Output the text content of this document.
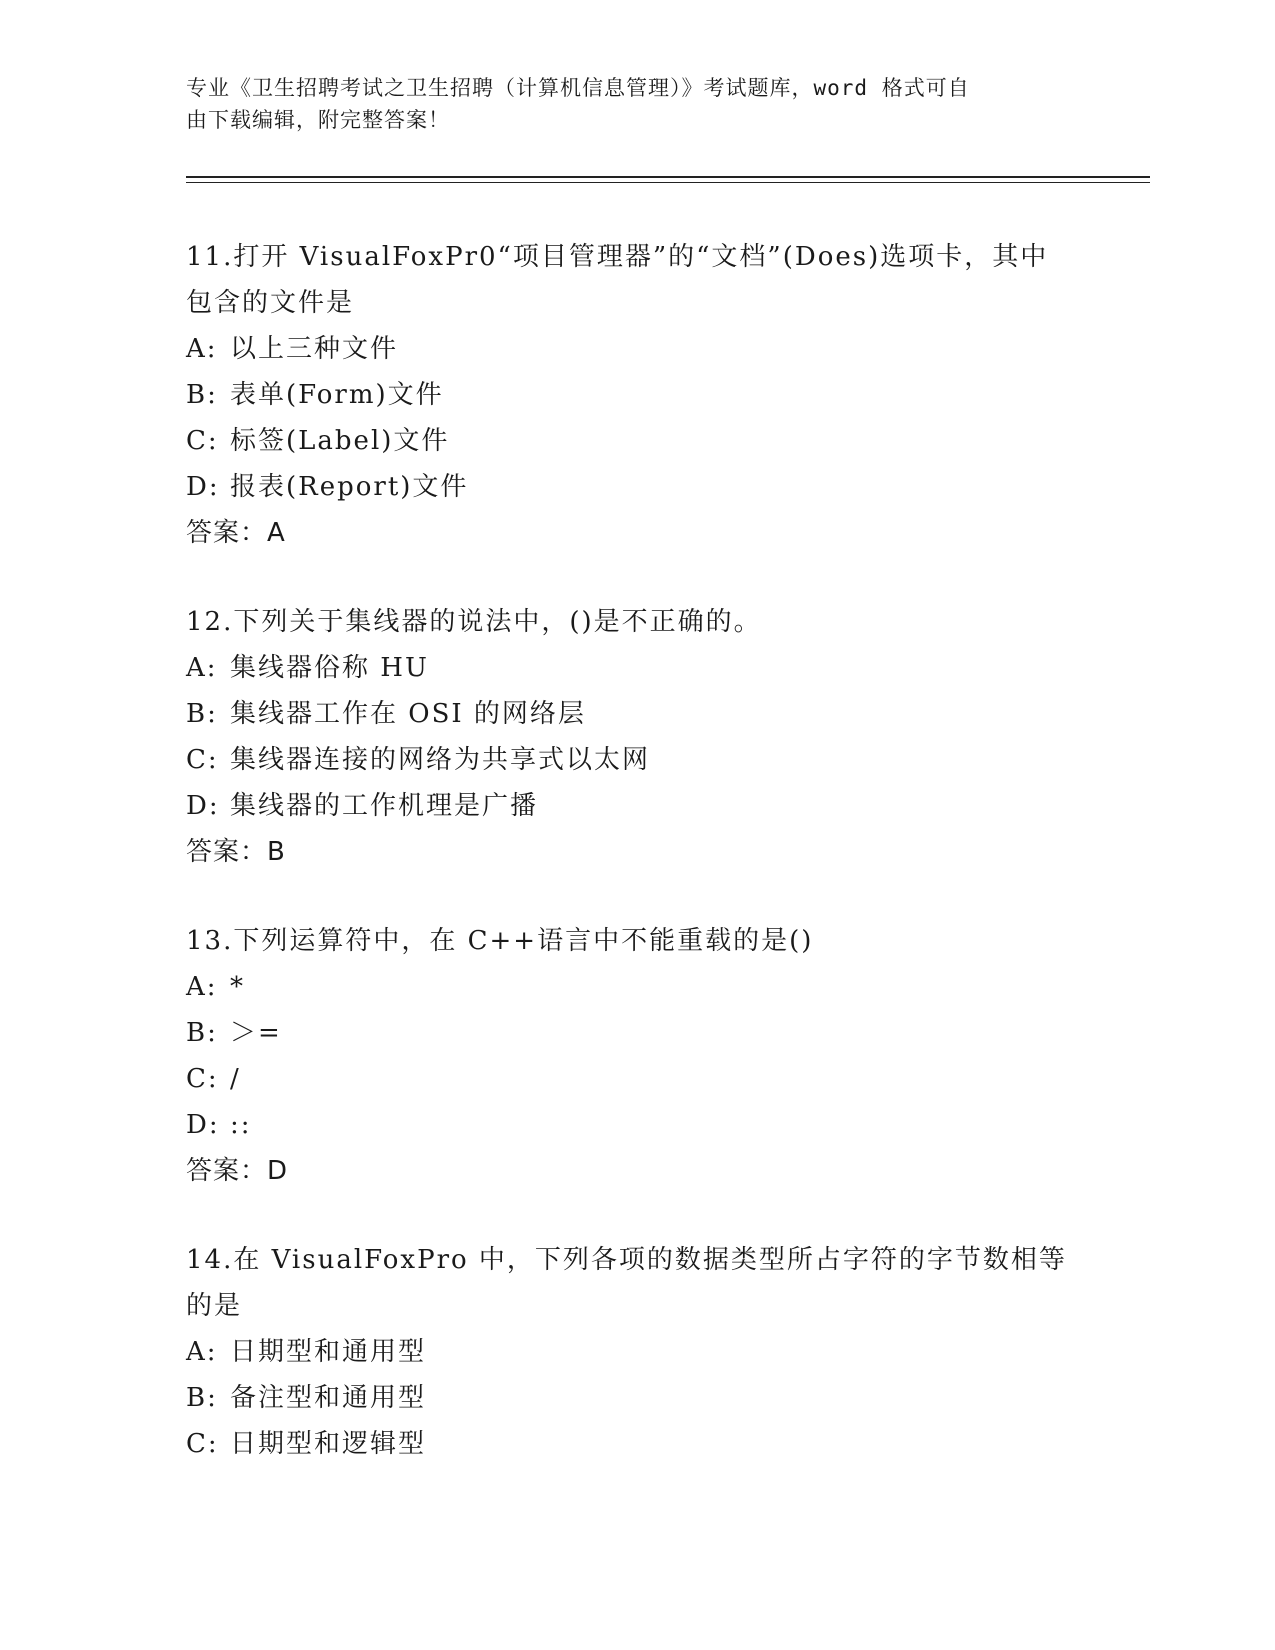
专业《卫生招聘考试之卫生招聘（计算机信息管理）》考试题库，word 格式可自
由下载编辑，附完整答案！
11.打开 VisualFoxPr0“项目管理器”的“文档”(Does)选项卡，其中
包含的文件是
A: 以上三种文件
B: 表单(Form)文件
C: 标签(Label)文件
D: 报表(Report)文件
答案：A
12.下列关于集线器的说法中，()是不正确的。
A: 集线器俗称 HU
B: 集线器工作在 OSI 的网络层
C: 集线器连接的网络为共享式以太网
D: 集线器的工作机理是广播
答案：B
13.下列运算符中，在 C++语言中不能重载的是()
A: *
B: ＞=
C: /
D: ::
答案：D
14.在 VisualFoxPro 中，下列各项的数据类型所占字符的字节数相等
的是
A: 日期型和通用型
B: 备注型和通用型
C: 日期型和逻辑型
